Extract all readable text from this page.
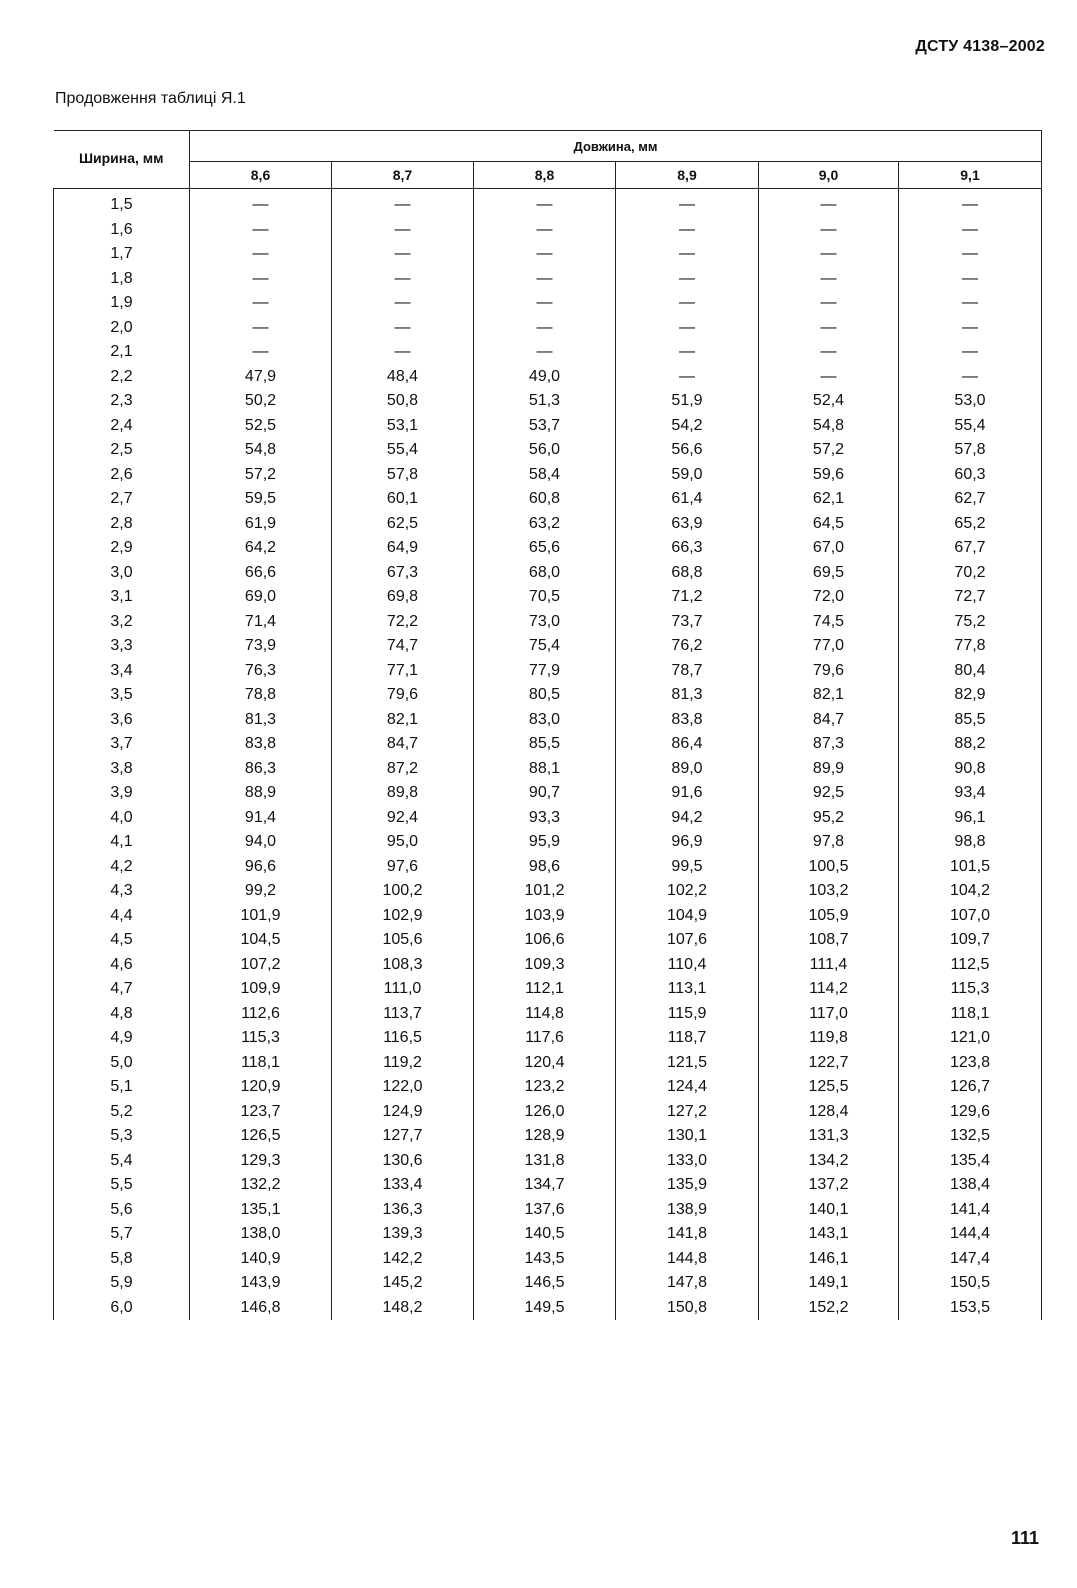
ДСТУ 4138–2002
Продовження таблиці Я.1
Ширина, мм	Довжина, мм					
	8,6	8,7	8,8	8,9	9,0	9,1
1,5	—	—	—	—	—	—
1,6	—	—	—	—	—	—
1,7	—	—	—	—	—	—
1,8	—	—	—	—	—	—
1,9	—	—	—	—	—	—
2,0	—	—	—	—	—	—
2,1	—	—	—	—	—	—
2,2	47,9	48,4	49,0	—	—	—
2,3	50,2	50,8	51,3	51,9	52,4	53,0
2,4	52,5	53,1	53,7	54,2	54,8	55,4
2,5	54,8	55,4	56,0	56,6	57,2	57,8
2,6	57,2	57,8	58,4	59,0	59,6	60,3
2,7	59,5	60,1	60,8	61,4	62,1	62,7
2,8	61,9	62,5	63,2	63,9	64,5	65,2
2,9	64,2	64,9	65,6	66,3	67,0	67,7
3,0	66,6	67,3	68,0	68,8	69,5	70,2
3,1	69,0	69,8	70,5	71,2	72,0	72,7
3,2	71,4	72,2	73,0	73,7	74,5	75,2
3,3	73,9	74,7	75,4	76,2	77,0	77,8
3,4	76,3	77,1	77,9	78,7	79,6	80,4
3,5	78,8	79,6	80,5	81,3	82,1	82,9
3,6	81,3	82,1	83,0	83,8	84,7	85,5
3,7	83,8	84,7	85,5	86,4	87,3	88,2
3,8	86,3	87,2	88,1	89,0	89,9	90,8
3,9	88,9	89,8	90,7	91,6	92,5	93,4
4,0	91,4	92,4	93,3	94,2	95,2	96,1
4,1	94,0	95,0	95,9	96,9	97,8	98,8
4,2	96,6	97,6	98,6	99,5	100,5	101,5
4,3	99,2	100,2	101,2	102,2	103,2	104,2
4,4	101,9	102,9	103,9	104,9	105,9	107,0
4,5	104,5	105,6	106,6	107,6	108,7	109,7
4,6	107,2	108,3	109,3	110,4	111,4	112,5
4,7	109,9	111,0	112,1	113,1	114,2	115,3
4,8	112,6	113,7	114,8	115,9	117,0	118,1
4,9	115,3	116,5	117,6	118,7	119,8	121,0
5,0	118,1	119,2	120,4	121,5	122,7	123,8
5,1	120,9	122,0	123,2	124,4	125,5	126,7
5,2	123,7	124,9	126,0	127,2	128,4	129,6
5,3	126,5	127,7	128,9	130,1	131,3	132,5
5,4	129,3	130,6	131,8	133,0	134,2	135,4
5,5	132,2	133,4	134,7	135,9	137,2	138,4
5,6	135,1	136,3	137,6	138,9	140,1	141,4
5,7	138,0	139,3	140,5	141,8	143,1	144,4
5,8	140,9	142,2	143,5	144,8	146,1	147,4
5,9	143,9	145,2	146,5	147,8	149,1	150,5
6,0	146,8	148,2	149,5	150,8	152,2	153,5
111
